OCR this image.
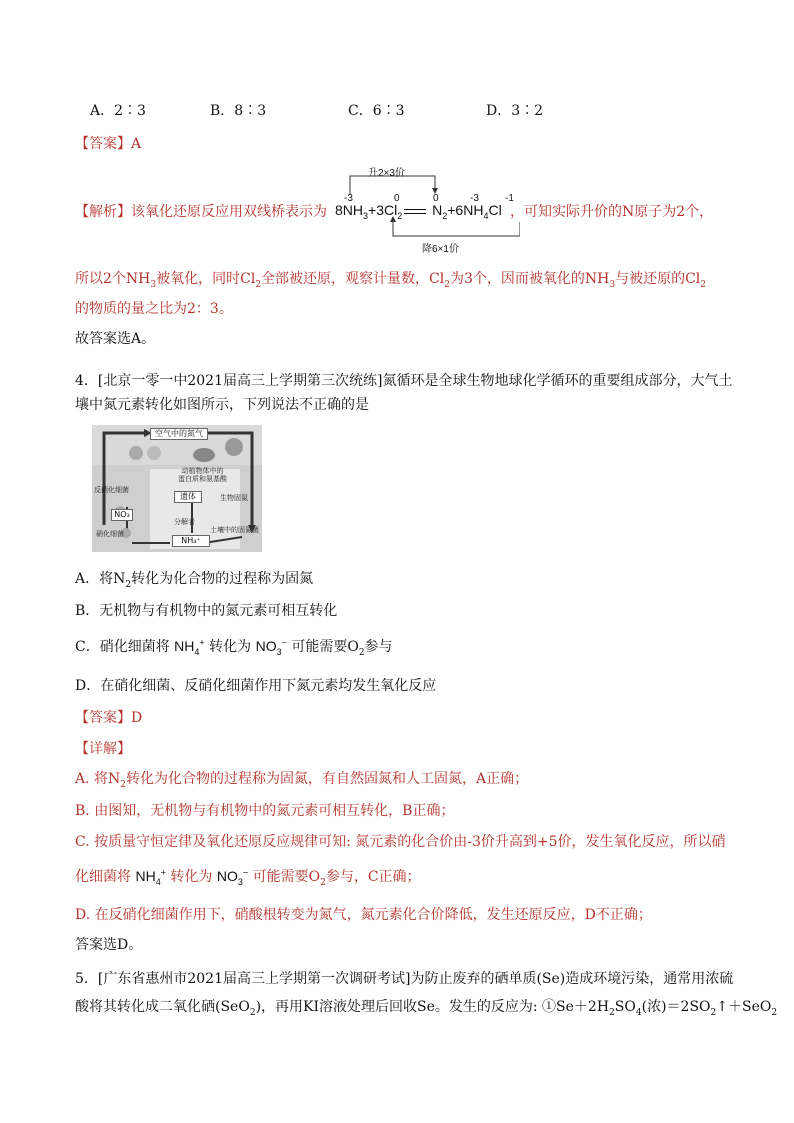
A．2∶3	B．8∶3	C．6∶3	D．3∶2
【答案】A
【解析】该氧化还原反应用双线桥表示为
升2×3价
-3	0	0	-3	-1
$8NH_3+3Cl_2$ $N_2+6NH_4Cl$
降6×1价
，可知实际升价的N原子为2个，
所以2个$NH_3$被氧化，同时$Cl_2$全部被还原，观察计量数，$Cl_2$为3个，因而被氧化的$NH_3$与被还原的$Cl_2$
的物质的量之比为2：3。
故答案选A。
4．[北京一零一中2021届高三上学期第三次统练]氮循环是全球生物地球化学循环的重要组成部分，大气土
壤中氮元素转化如图所示，下列说法不正确的是
空气中的氮气
动植物体中的
蛋白质和氨基酸
遗体
分解者
NO₃
NH₄⁺
反硝化细菌
硝化细菌
生物固氮
土壤中的固氮菌
A．将$N_2$转化为化合物的过程称为固氮
B．无机物与有机物中的氮元素可相互转化
C．硝化细菌将 $NH_4^+$ 转化为 $NO_3^-$ 可能需要$O_2$参与
D．在硝化细菌、反硝化细菌作用下氮元素均发生氧化反应
【答案】D
【详解】
A. 将$N_2$转化为化合物的过程称为固氮，有自然固氮和人工固氮，A正确；
B. 由图知，无机物与有机物中的氮元素可相互转化，B正确；
C. 按质量守恒定律及氧化还原反应规律可知: 氮元素的化合价由-3价升高到+5价，发生氧化反应，所以硝
化细菌将 $NH_4^+$ 转化为 $NO_3^-$ 可能需要$O_2$参与，C正确；
D. 在反硝化细菌作用下，硝酸根转变为氮气，氮元素化合价降低，发生还原反应，D不正确；
答案选D。
5．[广东省惠州市2021届高三上学期第一次调研考试]为防止废弃的硒单质(Se)造成环境污染，通常用浓硫
酸将其转化成二氧化硒(SeO$_2$)，再用KI溶液处理后回收Se。发生的反应为: $①Se+2H_2SO_4$(浓)$=2SO_2↑+SeO_2$
